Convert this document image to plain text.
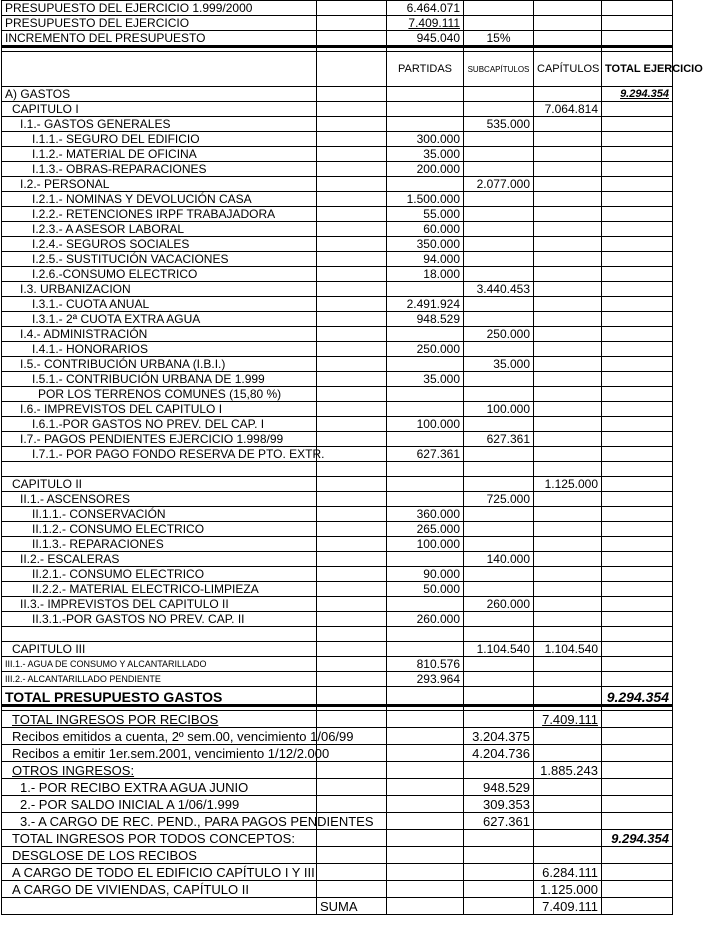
PRESUPUESTO DEL EJERCICIO 1.999/2000		6.464.071			
PRESUPUESTO DEL EJERCICIO		7.409.111			
INCREMENTO DEL PRESUPUESTO		945.040	15%		

		PARTIDAS	SUBCAPÍTULOS	CAPÍTULOS	TOTAL EJERCICIO
A) GASTOS					9.294.354
CAPITULO I				7.064.814	
I.1.- GASTOS GENERALES			535.000		
I.1.1.- SEGURO DEL EDIFICIO		300.000			
I.1.2.- MATERIAL DE OFICINA		35.000			
I.1.3.- OBRAS-REPARACIONES		200.000			
I.2.- PERSONAL			2.077.000		
I.2.1.- NOMINAS Y DEVOLUCIÓN CASA		1.500.000			
I.2.2.- RETENCIONES IRPF TRABAJADORA		55.000			
I.2.3.- A ASESOR LABORAL		60.000			
I.2.4.- SEGUROS SOCIALES		350.000			
I.2.5.- SUSTITUCIÓN VACACIONES		94.000			
I.2.6.-CONSUMO ELECTRICO		18.000			
I.3. URBANIZACION			3.440.453		
I.3.1.- CUOTA ANUAL		2.491.924			
I.3.1.- 2ª CUOTA EXTRA AGUA		948.529			
I.4.- ADMINISTRACIÓN			250.000		
I.4.1.- HONORARIOS		250.000			
I.5.- CONTRIBUCIÓN URBANA (I.B.I.)			35.000		
I.5.1.- CONTRIBUCIÓN URBANA DE 1.999		35.000			
POR LOS TERRENOS COMUNES (15,80 %)					
I.6.- IMPREVISTOS DEL CAPITULO I			100.000		
I.6.1.-POR GASTOS NO PREV. DEL CAP. I		100.000			
I.7.- PAGOS PENDIENTES EJERCICIO 1.998/99			627.361		
I.7.1.- POR PAGO FONDO RESERVA DE PTO. EXTR.		627.361			

CAPITULO II				1.125.000	
II.1.- ASCENSORES			725.000		
II.1.1.- CONSERVACIÓN		360.000			
II.1.2.- CONSUMO ELECTRICO		265.000			
II.1.3.- REPARACIONES		100.000			
II.2.- ESCALERAS			140.000		
II.2.1.- CONSUMO ELECTRICO		90.000			
II.2.2.- MATERIAL ELECTRICO-LIMPIEZA		50.000			
II.3.- IMPREVISTOS DEL CAPITULO II			260.000		
II.3.1.-POR GASTOS NO PREV. CAP. II		260.000			

CAPITULO III			1.104.540	1.104.540	
III.1.- AGUA DE CONSUMO Y ALCANTARILLADO		810.576			
III.2.- ALCANTARILLADO PENDIENTE		293.964			
TOTAL PRESUPUESTO GASTOS					9.294.354

TOTAL INGRESOS POR RECIBOS				7.409.111	
Recibos emitidos a cuenta, 2º sem.00, vencimiento 1/06/99			3.204.375		
Recibos a emitir 1er.sem.2001, vencimiento 1/12/2.000			4.204.736		
OTROS INGRESOS:				1.885.243	
1.- POR RECIBO EXTRA AGUA JUNIO			948.529		
2.- POR SALDO INICIAL A 1/06/1.999			309.353		
3.- A CARGO DE REC. PEND., PARA PAGOS PENDIENTES			627.361		
TOTAL INGRESOS POR TODOS CONCEPTOS:					9.294.354
DESGLOSE DE LOS RECIBOS					
A CARGO DE TODO EL EDIFICIO CAPÍTULO I Y III				6.284.111	
A CARGO DE VIVIENDAS, CAPÍTULO II				1.125.000	
	SUMA			7.409.111	
